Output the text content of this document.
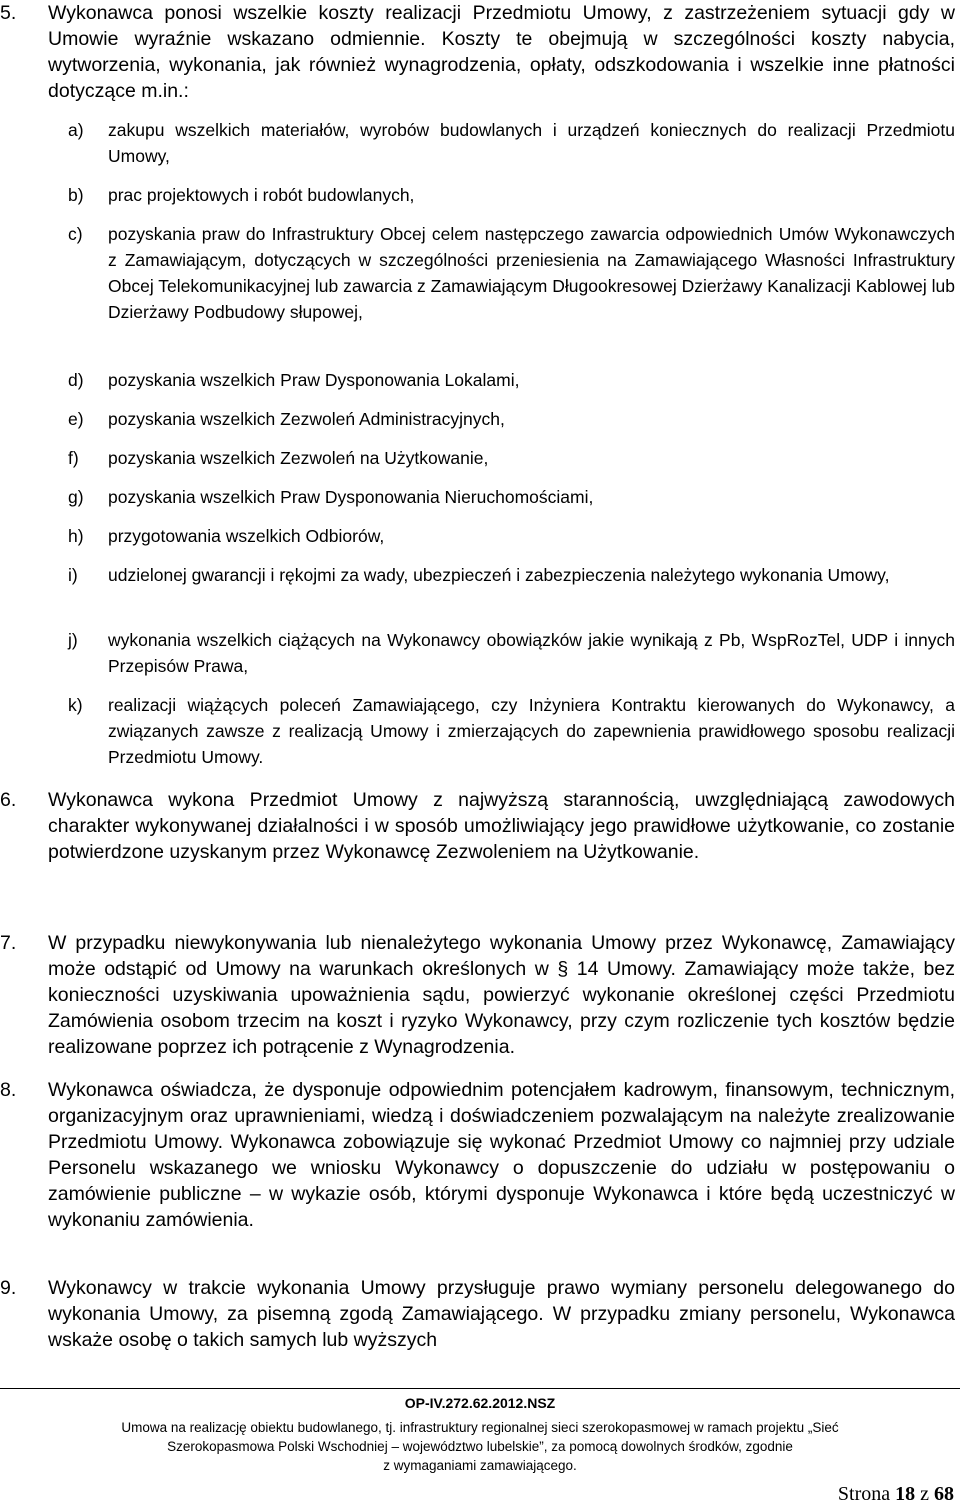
5. Wykonawca ponosi wszelkie koszty realizacji Przedmiotu Umowy, z zastrzeżeniem sytuacji gdy w Umowie wyraźnie wskazano odmiennie. Koszty te obejmują w szczególności koszty nabycia, wytworzenia, wykonania, jak również wynagrodzenia, opłaty, odszkodowania i wszelkie inne płatności dotyczące m.in.:
a) zakupu wszelkich materiałów, wyrobów budowlanych i urządzeń koniecznych do realizacji Przedmiotu Umowy,
b) prac projektowych i robót budowlanych,
c) pozyskania praw do Infrastruktury Obcej celem następczego zawarcia odpowiednich Umów Wykonawczych z Zamawiającym, dotyczących w szczególności przeniesienia na Zamawiającego Własności Infrastruktury Obcej Telekomunikacyjnej lub zawarcia z Zamawiającym Długookresowej Dzierżawy Kanalizacji Kablowej lub Dzierżawy Podbudowy słupowej,
d) pozyskania wszelkich Praw Dysponowania Lokalami,
e) pozyskania wszelkich Zezwoleń Administracyjnych,
f) pozyskania wszelkich Zezwoleń na Użytkowanie,
g) pozyskania wszelkich Praw Dysponowania Nieruchomościami,
h) przygotowania wszelkich Odbiorów,
i) udzielonej gwarancji i rękojmi za wady, ubezpieczeń i zabezpieczenia należytego wykonania Umowy,
j) wykonania wszelkich ciążących na Wykonawcy obowiązków jakie wynikają z Pb, WspRozTel, UDP i innych Przepisów Prawa,
k) realizacji wiążących poleceń Zamawiającego, czy Inżyniera Kontraktu kierowanych do Wykonawcy, a związanych zawsze z realizacją Umowy i zmierzających do zapewnienia prawidłowego sposobu realizacji Przedmiotu Umowy.
6. Wykonawca wykona Przedmiot Umowy z najwyższą starannością, uwzględniającą zawodowych charakter wykonywanej działalności i w sposób umożliwiający jego prawidłowe użytkowanie, co zostanie potwierdzone uzyskanym przez Wykonawcę Zezwoleniem na Użytkowanie.
7. W przypadku niewykonywania lub nienależytego wykonania Umowy przez Wykonawcę, Zamawiający może odstąpić od Umowy na warunkach określonych w § 14 Umowy. Zamawiający może także, bez konieczności uzyskiwania upoważnienia sądu, powierzyć wykonanie określonej części Przedmiotu Zamówienia osobom trzecim na koszt i ryzyko Wykonawcy, przy czym rozliczenie tych kosztów będzie realizowane poprzez ich potrącenie z Wynagrodzenia.
8. Wykonawca oświadcza, że dysponuje odpowiednim potencjałem kadrowym, finansowym, technicznym, organizacyjnym oraz uprawnieniami, wiedzą i doświadczeniem pozwalającym na należyte zrealizowanie Przedmiotu Umowy. Wykonawca zobowiązuje się wykonać Przedmiot Umowy co najmniej przy udziale Personelu wskazanego we wniosku Wykonawcy o dopuszczenie do udziału w postępowaniu o zamówienie publiczne – w wykazie osób, którymi dysponuje Wykonawca i które będą uczestniczyć w wykonaniu zamówienia.
9. Wykonawcy w trakcie wykonania Umowy przysługuje prawo wymiany personelu delegowanego do wykonania Umowy, za pisemną zgodą Zamawiającego. W przypadku zmiany personelu, Wykonawca wskaże osobę o takich samych lub wyższych
OP-IV.272.62.2012.NSZ
Umowa na realizację obiektu budowlanego, tj. infrastruktury regionalnej sieci szerokopasmowej w ramach projektu „Sieć
Szerokopasmowa Polski Wschodniej – województwo lubelskie”, za pomocą dowolnych środków, zgodnie
z wymaganiami zamawiającego.
Strona 18 z 68
